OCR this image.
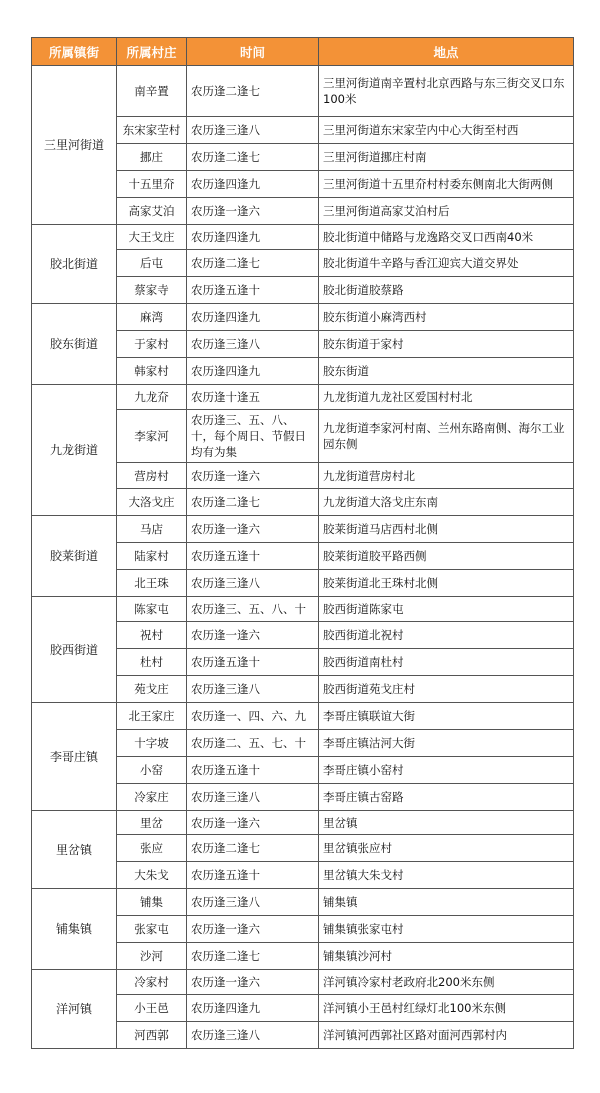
所属镇街	所属村庄	时间	地点
三里河街道	南辛置	农历逢二逢七	三里河街道南辛置村北京西路与东三街交叉口东100米
	东宋家茔村	农历逢三逢八	三里河街道东宋家茔内中心大街至村西
	挪庄	农历逢二逢七	三里河街道挪庄村南
	十五里夼	农历逢四逢九	三里河街道十五里夼村村委东侧南北大街两侧
	高家艾泊	农历逢一逢六	三里河街道高家艾泊村后
胶北街道	大王戈庄	农历逢四逢九	胶北街道中储路与龙逸路交叉口西南40米
	后屯	农历逢二逢七	胶北街道牛辛路与香江迎宾大道交界处
	蔡家寺	农历逢五逢十	胶北街道胶蔡路
胶东街道	麻湾	农历逢四逢九	胶东街道小麻湾西村
	于家村	农历逢三逢八	胶东街道于家村
	韩家村	农历逢四逢九	胶东街道
九龙街道	九龙夼	农历逢十逢五	九龙街道九龙社区爱国村村北
	李家河	农历逢三、五、八、十，每个周日、节假日均有为集	九龙街道李家河村南、兰州东路南侧、海尔工业园东侧
	营房村	农历逢一逢六	九龙街道营房村北
	大洛戈庄	农历逢二逢七	九龙街道大洛戈庄东南
胶莱街道	马店	农历逢一逢六	胶莱街道马店西村北侧
	陆家村	农历逢五逢十	胶莱街道胶平路西侧
	北王珠	农历逢三逢八	胶莱街道北王珠村北侧
胶西街道	陈家屯	农历逢三、五、八、十	胶西街道陈家屯
	祝村	农历逢一逢六	胶西街道北祝村
	杜村	农历逢五逢十	胶西街道南杜村
	苑戈庄	农历逢三逢八	胶西街道苑戈庄村
李哥庄镇	北王家庄	农历逢一、四、六、九	李哥庄镇联谊大街
	十字坡	农历逢二、五、七、十	李哥庄镇沽河大街
	小窑	农历逢五逢十	李哥庄镇小窑村
	冷家庄	农历逢三逢八	李哥庄镇古窑路
里岔镇	里岔	农历逢一逢六	里岔镇
	张应	农历逢二逢七	里岔镇张应村
	大朱戈	农历逢五逢十	里岔镇大朱戈村
铺集镇	铺集	农历逢三逢八	铺集镇
	张家屯	农历逢一逢六	铺集镇张家屯村
	沙河	农历逢二逢七	铺集镇沙河村
洋河镇	冷家村	农历逢一逢六	洋河镇冷家村老政府北200米东侧
	小王邑	农历逢四逢九	洋河镇小王邑村红绿灯北100米东侧
	河西郭	农历逢三逢八	洋河镇河西郭社区路对面河西郭村内
